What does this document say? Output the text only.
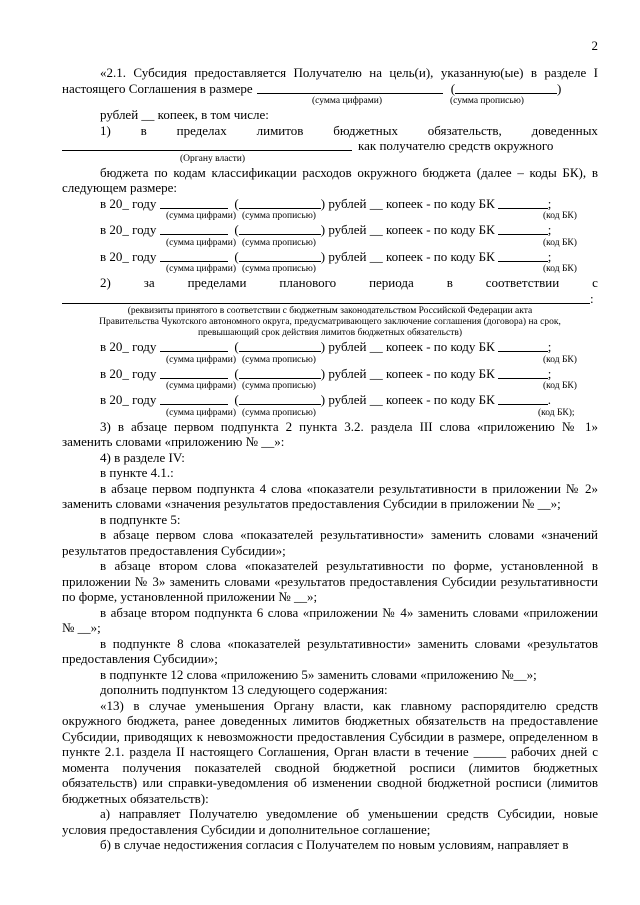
2

«2.1. Субсидия предоставляется Получателю на цель(и), указанную(ые) в разделе I

настоящего Соглашения в размере	(	)
(сумма цифрами)	(сумма прописью)

рублей __ копеек, в том числе:

1) в пределах лимитов бюджетных обязательств, доведенных
как получателю средств окружного
(Органу власти)

бюджета по кодам классификации расходов окружного бюджета (далее – коды БК), в следующем размере:

в 20_ году	(	) рублей __ копеек - по коду БК	;
(сумма цифрами) (сумма прописью)	(код БК)
в 20_ году	(	) рублей __ копеек - по коду БК	;
(сумма цифрами) (сумма прописью)	(код БК)
в 20_ году	(	) рублей __ копеек - по коду БК	;
(сумма цифрами) (сумма прописью)	(код БК)
2)	за	пределами	планового	периода	в	соответствии	с
:
(реквизиты принятого в соответствии с бюджетным законодательством Российской Федерации акта
Правительства Чукотского автономного округа, предусматривающего заключение соглашения (договора) на срок,
превышающий срок действия лимитов бюджетных обязательств)
в 20_ году	(	) рублей __ копеек - по коду БК	;
(сумма цифрами) (сумма прописью)	(код БК)
в 20_ году	(	) рублей __ копеек - по коду БК	;
(сумма цифрами) (сумма прописью)	(код БК)
в 20_ году	(	) рублей __ копеек - по коду БК	.
(сумма цифрами) (сумма прописью)	(код БК);

3) в абзаце первом подпункта 2 пункта 3.2. раздела III слова «приложению № 1» заменить словами «приложению № __»:

4) в разделе IV:

в пункте 4.1.:

в абзаце первом подпункта 4 слова «показатели результативности в приложении № 2» заменить словами «значения результатов предоставления Субсидии в приложении № __»;

в подпункте 5:

в абзаце первом слова «показателей результативности» заменить словами «значений результатов предоставления Субсидии»;

в абзаце втором слова «показателей результативности по форме, установленной в приложении № 3» заменить словами «результатов предоставления Субсидии результативности по форме, установленной приложении № __»;

в абзаце втором подпункта 6 слова «приложении № 4» заменить словами «приложении № __»;

в подпункте 8 слова «показателей результативности» заменить словами «результатов предоставления Субсидии»;

в подпункте 12 слова «приложению 5» заменить словами «приложению №__»;

дополнить подпунктом 13 следующего содержания:

«13) в случае уменьшения Органу власти, как главному распорядителю средств окружного бюджета, ранее доведенных лимитов бюджетных обязательств на предоставление Субсидии, приводящих к невозможности предоставления Субсидии в размере, определенном в пункте 2.1. раздела II настоящего Соглашения, Орган власти в течение _____ рабочих дней с момента получения показателей сводной бюджетной росписи (лимитов бюджетных обязательств) или справки-уведомления об изменении сводной бюджетной росписи (лимитов бюджетных обязательств):

а) направляет Получателю уведомление об уменьшении средств Субсидии, новые условия предоставления Субсидии и дополнительное соглашение;

б) в случае недостижения согласия с Получателем по новым условиям, направляет в
